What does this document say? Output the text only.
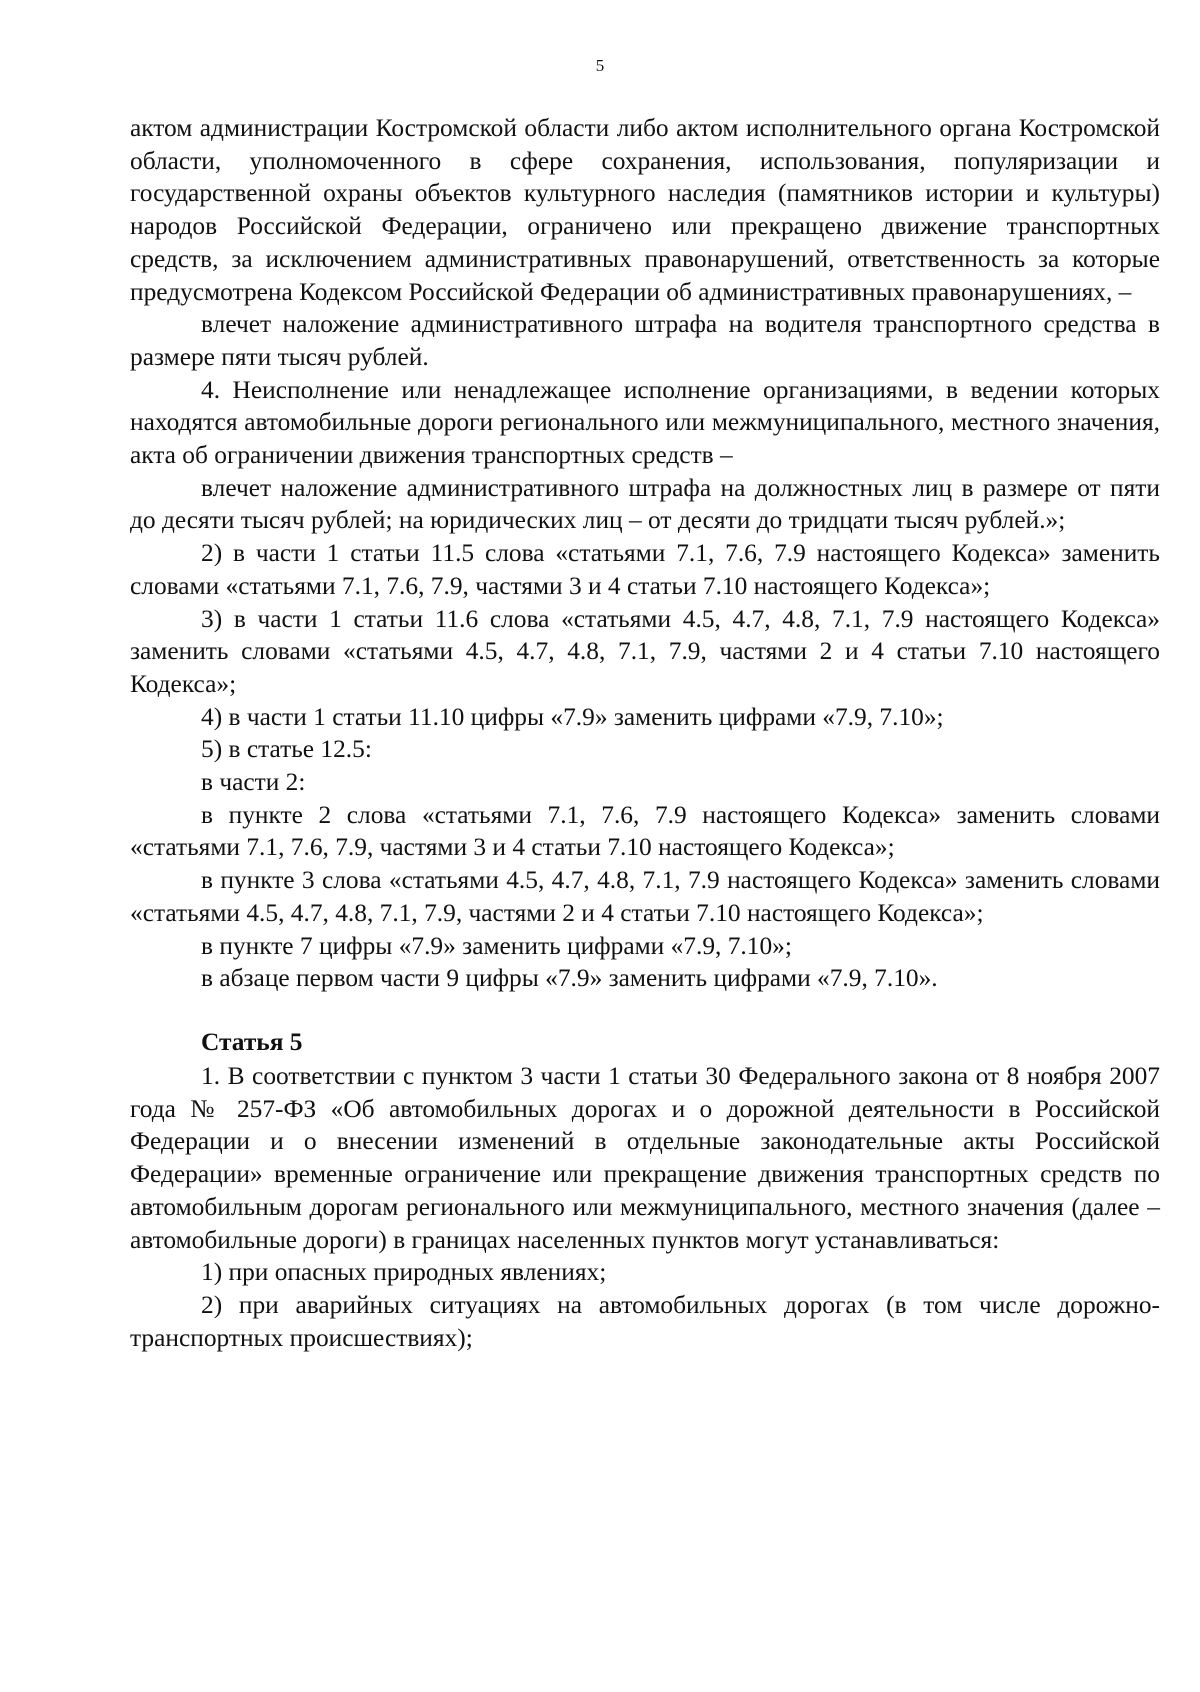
5

актом администрации Костромской области либо актом исполнительного органа Костромской области, уполномоченного в сфере сохранения, использования, популяризации и государственной охраны объектов культурного наследия (памятников истории и культуры) народов Российской Федерации, ограничено или прекращено движение транспортных средств, за исключением административных правонарушений, ответственность за которые предусмотрена Кодексом Российской Федерации об административных правонарушениях, –

влечет наложение административного штрафа на водителя транспортного средства в размере пяти тысяч рублей.

4. Неисполнение или ненадлежащее исполнение организациями, в ведении которых находятся автомобильные дороги регионального или межмуниципального, местного значения, акта об ограничении движения транспортных средств –

влечет наложение административного штрафа на должностных лиц в размере от пяти до десяти тысяч рублей; на юридических лиц – от десяти до тридцати тысяч рублей.»;

2) в части 1 статьи 11.5 слова «статьями 7.1, 7.6, 7.9 настоящего Кодекса» заменить словами «статьями 7.1, 7.6, 7.9, частями 3 и 4 статьи 7.10 настоящего Кодекса»;

3) в части 1 статьи 11.6 слова «статьями 4.5, 4.7, 4.8, 7.1, 7.9 настоящего Кодекса» заменить словами «статьями 4.5, 4.7, 4.8, 7.1, 7.9, частями 2 и 4 статьи 7.10 настоящего Кодекса»;

4) в части 1 статьи 11.10 цифры «7.9» заменить цифрами «7.9, 7.10»;

5) в статье 12.5:

в части 2:

в пункте 2 слова «статьями 7.1, 7.6, 7.9 настоящего Кодекса» заменить словами «статьями 7.1, 7.6, 7.9, частями 3 и 4 статьи 7.10 настоящего Кодекса»;

в пункте 3 слова «статьями 4.5, 4.7, 4.8, 7.1, 7.9 настоящего Кодекса» заменить словами «статьями 4.5, 4.7, 4.8, 7.1, 7.9, частями 2 и 4 статьи 7.10 настоящего Кодекса»;

в пункте 7 цифры «7.9» заменить цифрами «7.9, 7.10»;

в абзаце первом части 9 цифры «7.9» заменить цифрами «7.9, 7.10».

Статья 5

1. В соответствии с пунктом 3 части 1 статьи 30 Федерального закона от 8 ноября 2007 года № 257-ФЗ «Об автомобильных дорогах и о дорожной деятельности в Российской Федерации и о внесении изменений в отдельные законодательные акты Российской Федерации» временные ограничение или прекращение движения транспортных средств по автомобильным дорогам регионального или межмуниципального, местного значения (далее – автомобильные дороги) в границах населенных пунктов могут устанавливаться:

1) при опасных природных явлениях;

2) при аварийных ситуациях на автомобильных дорогах (в том числе дорожно-транспортных происшествиях);
